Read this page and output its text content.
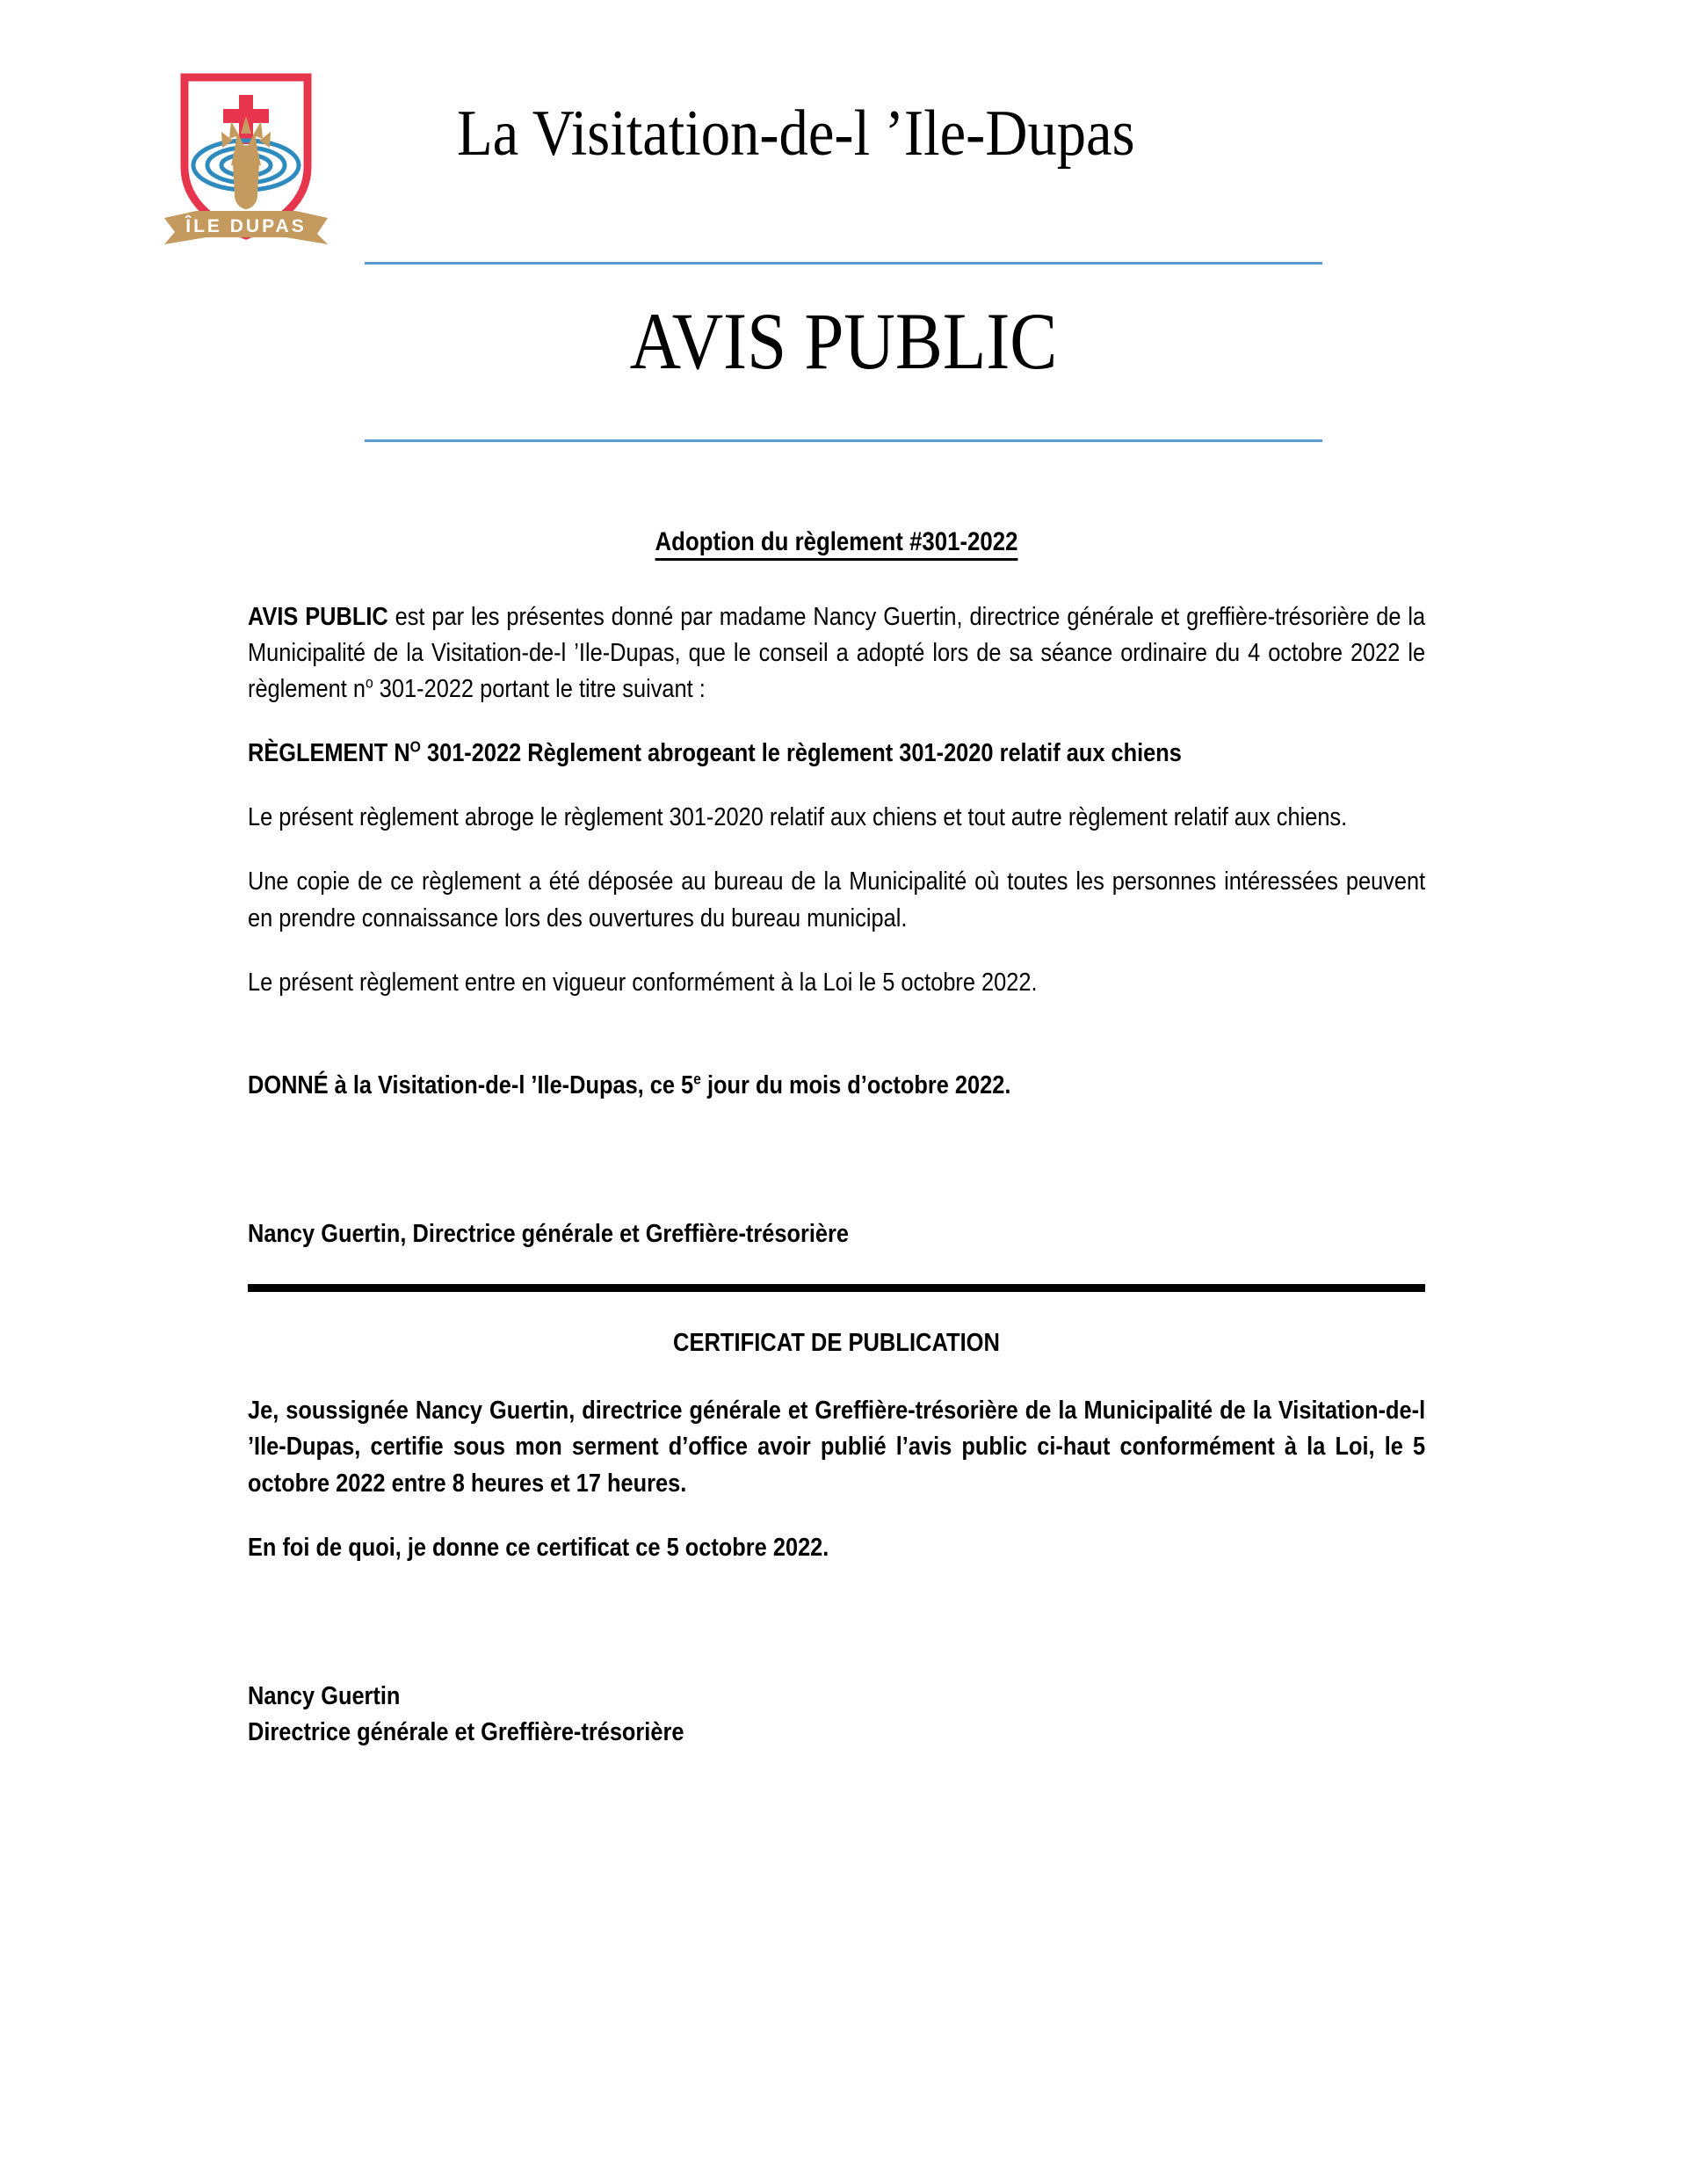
ÎLE DUPAS
La Visitation-de-l ’Ile-Dupas
AVIS PUBLIC
Adoption du règlement #301-2022

AVIS PUBLIC est par les présentes donné par madame Nancy Guertin, directrice générale et greffière-trésorière de la Municipalité de la Visitation-de-l ’Ile-Dupas, que le conseil a adopté lors de sa séance ordinaire du 4 octobre 2022 le règlement $n^o$ 301-2022 portant le titre suivant :

RÈGLEMENT $N^O$ 301-2022 Règlement abrogeant le règlement 301-2020 relatif aux chiens

Le présent règlement abroge le règlement 301-2020 relatif aux chiens et tout autre règlement relatif aux chiens.

Une copie de ce règlement a été déposée au bureau de la Municipalité où toutes les personnes intéressées peuvent en prendre connaissance lors des ouvertures du bureau municipal.

Le présent règlement entre en vigueur conformément à la Loi le 5 octobre 2022.

DONNÉ à la Visitation-de-l ’Ile-Dupas, ce 5e jour du mois d’octobre 2022.

Nancy Guertin, Directrice générale et Greffière-trésorière

CERTIFICAT DE PUBLICATION

Je, soussignée Nancy Guertin, directrice générale et Greffière-trésorière de la Municipalité de la Visitation-de-l ’Ile-Dupas, certifie sous mon serment d’office avoir publié l’avis public ci-haut conformément à la Loi, le 5 octobre 2022 entre 8 heures et 17 heures.

En foi de quoi, je donne ce certificat ce 5 octobre 2022.

Nancy Guertin

Directrice générale et Greffière-trésorière
